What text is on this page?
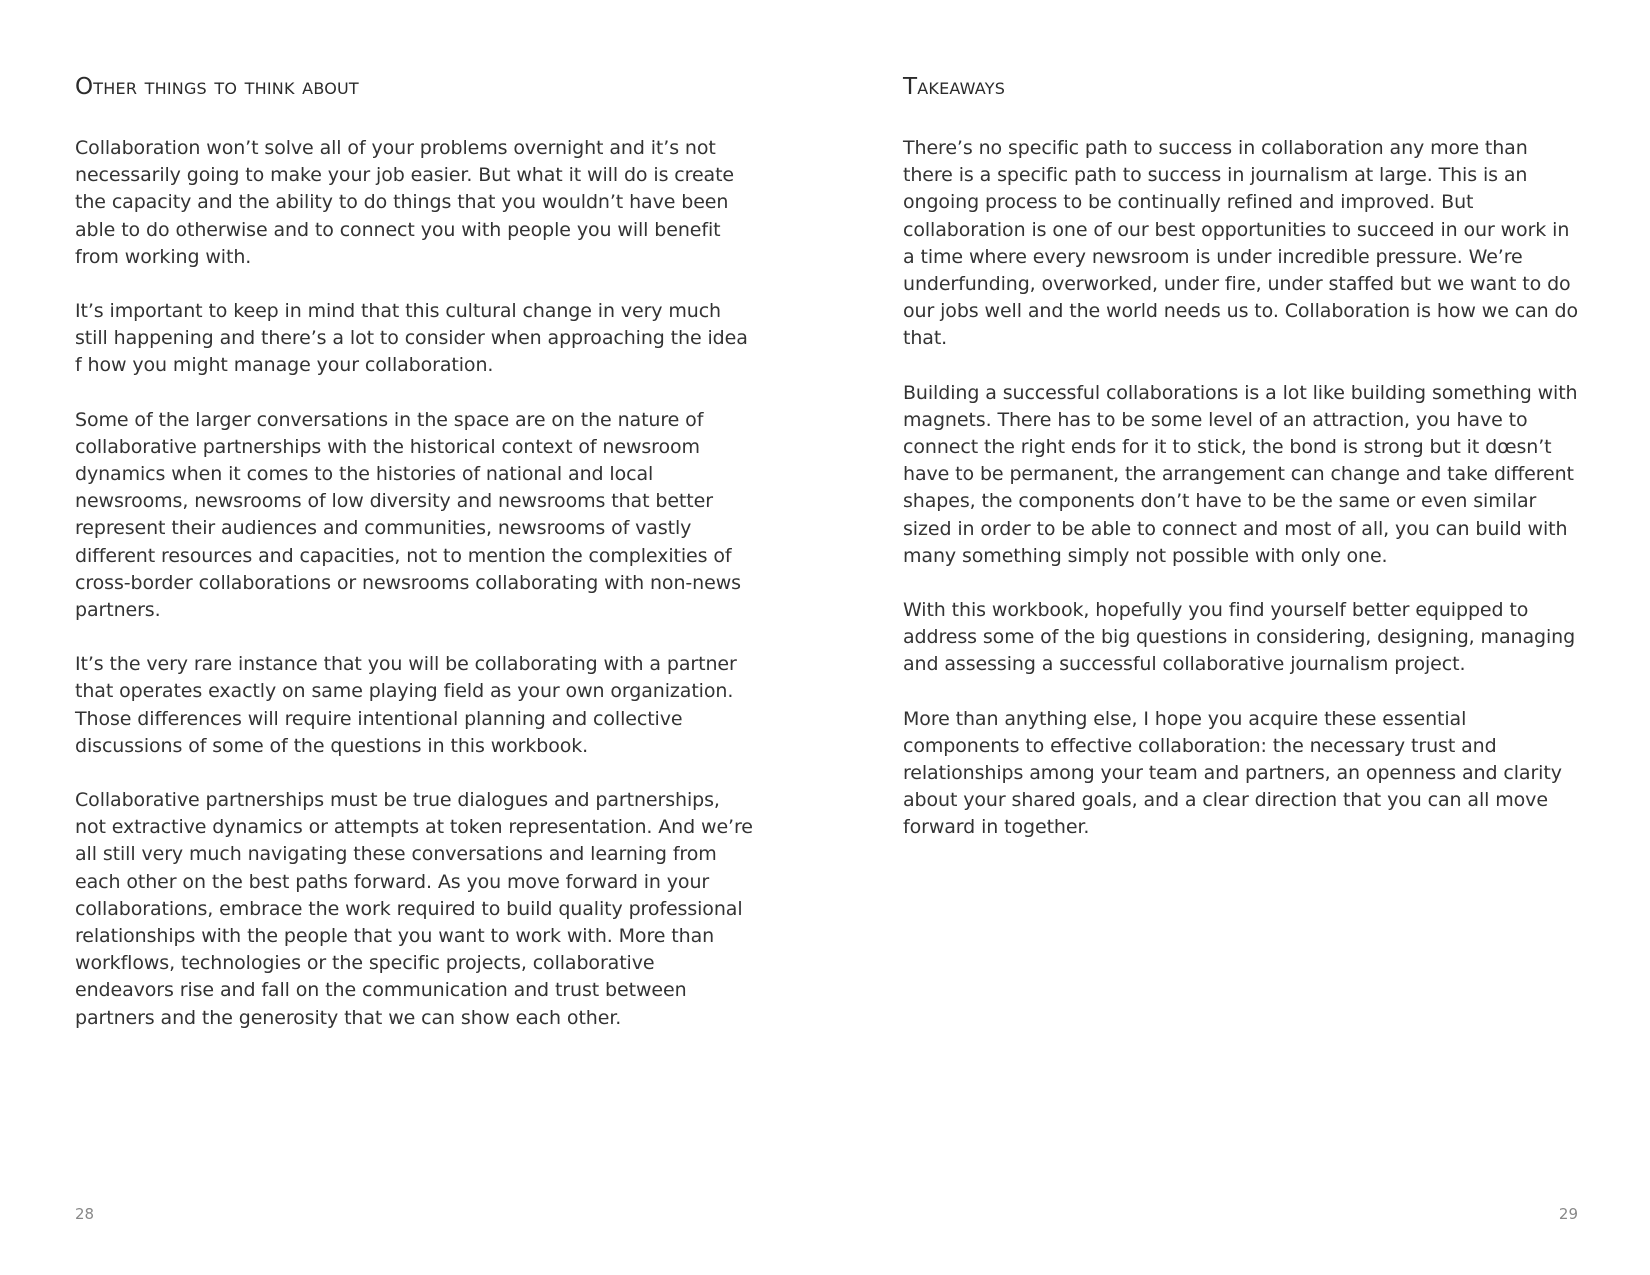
Other things to think about

Collaboration won’t solve all of your problems overnight and it’s not necessarily going to make your job easier. But what it will do is create the capacity and the ability to do things that you wouldn’t have been able to do otherwise and to connect you with people you will benefit from working with.

It’s important to keep in mind that this cultural change in very much still happening and there’s a lot to consider when approaching the idea f how you might manage your collaboration.

Some of the larger conversations in the space are on the nature of collaborative partnerships with the historical context of newsroom dynamics when it comes to the histories of national and local newsrooms, newsrooms of low diversity and newsrooms that better represent their audiences and communities, newsrooms of vastly different resources and capacities, not to mention the complexities of cross-border collaborations or newsrooms collaborating with non-news partners.

It’s the very rare instance that you will be collaborating with a partner that operates exactly on same playing field as your own organization. Those differences will require intentional planning and collective discussions of some of the questions in this workbook.

Collaborative partnerships must be true dialogues and partnerships, not extractive dynamics or attempts at token representation. And we’re all still very much navigating these conversations and learning from each other on the best paths forward. As you move forward in your collaborations, embrace the work required to build quality professional relationships with the people that you want to work with. More than workflows, technologies or the specific projects, collaborative endeavors rise and fall on the communication and trust between partners and the generosity that we can show each other.

28
Takeaways

There’s no specific path to success in collaboration any more than there is a specific path to success in journalism at large. This is an ongoing process to be continually refined and improved. But collaboration is one of our best opportunities to succeed in our work in a time where every newsroom is under incredible pressure. We’re underfunding, overworked, under fire, under staffed but we want to do our jobs well and the world needs us to. Collaboration is how we can do that.

Building a successful collaborations is a lot like building something with magnets. There has to be some level of an attraction, you have to connect the right ends for it to stick, the bond is strong but it dœsn’t have to be permanent, the arrangement can change and take different shapes, the components don’t have to be the same or even similar sized in order to be able to connect and most of all, you can build with many something simply not possible with only one.

With this workbook, hopefully you find yourself better equipped to address some of the big questions in considering, designing, managing and assessing a successful collaborative journalism project.

More than anything else, I hope you acquire these essential components to effective collaboration: the necessary trust and relationships among your team and partners, an openness and clarity about your shared goals, and a clear direction that you can all move forward in together.

29
